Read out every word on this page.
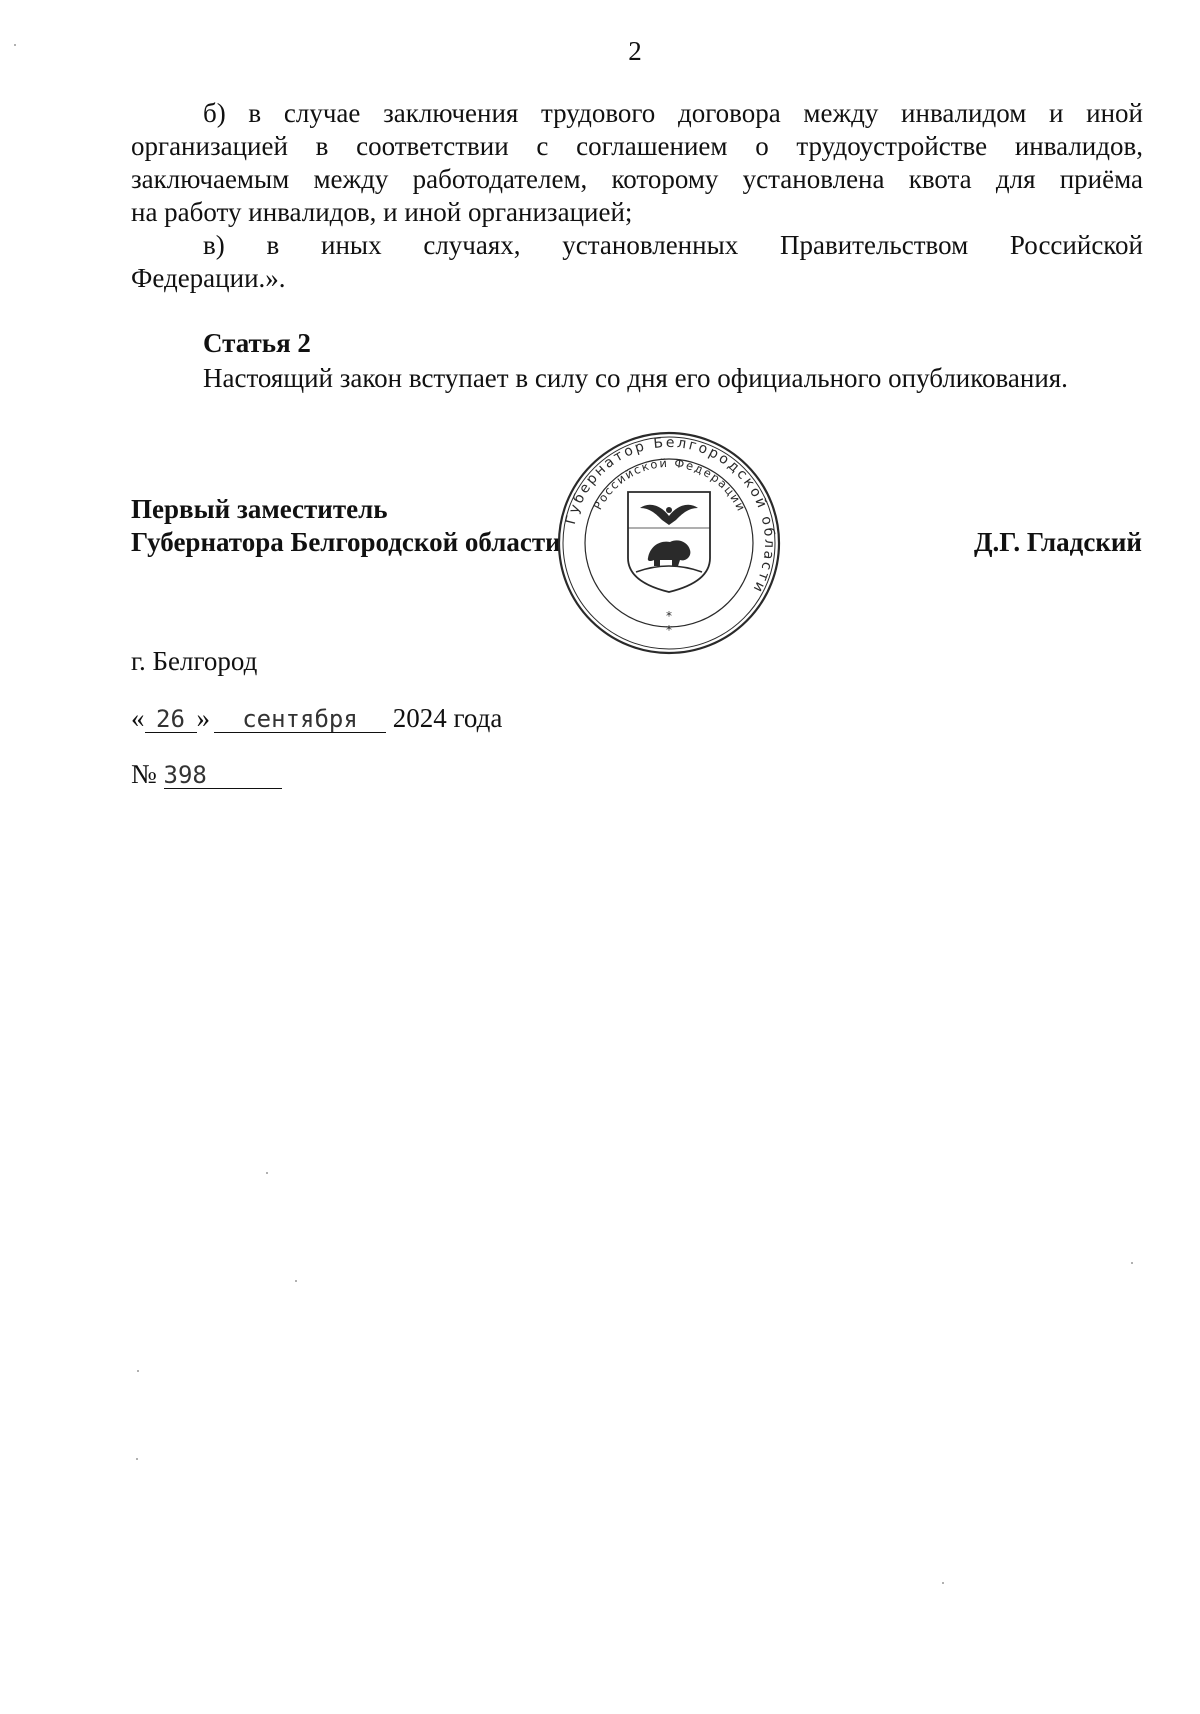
2

б) в случае заключения трудового договора между инвалидом и иной

организацией в соответствии с соглашением о трудоустройстве инвалидов,

заключаемым между работодателем, которому установлена квота для приёма

на работу инвалидов, и иной организацией;

в) в иных случаях, установленных Правительством Российской

Федерации.».

Статья 2
Настоящий закон вступает в силу со дня его официального опубликования.
Первый заместитель
Губернатора Белгородской области	Д.Г. Гладский
Губернатор Белгородской области
Российской Федерации
*
*
г. Белгород
« 26 » сентября 2024 года
№ 398
